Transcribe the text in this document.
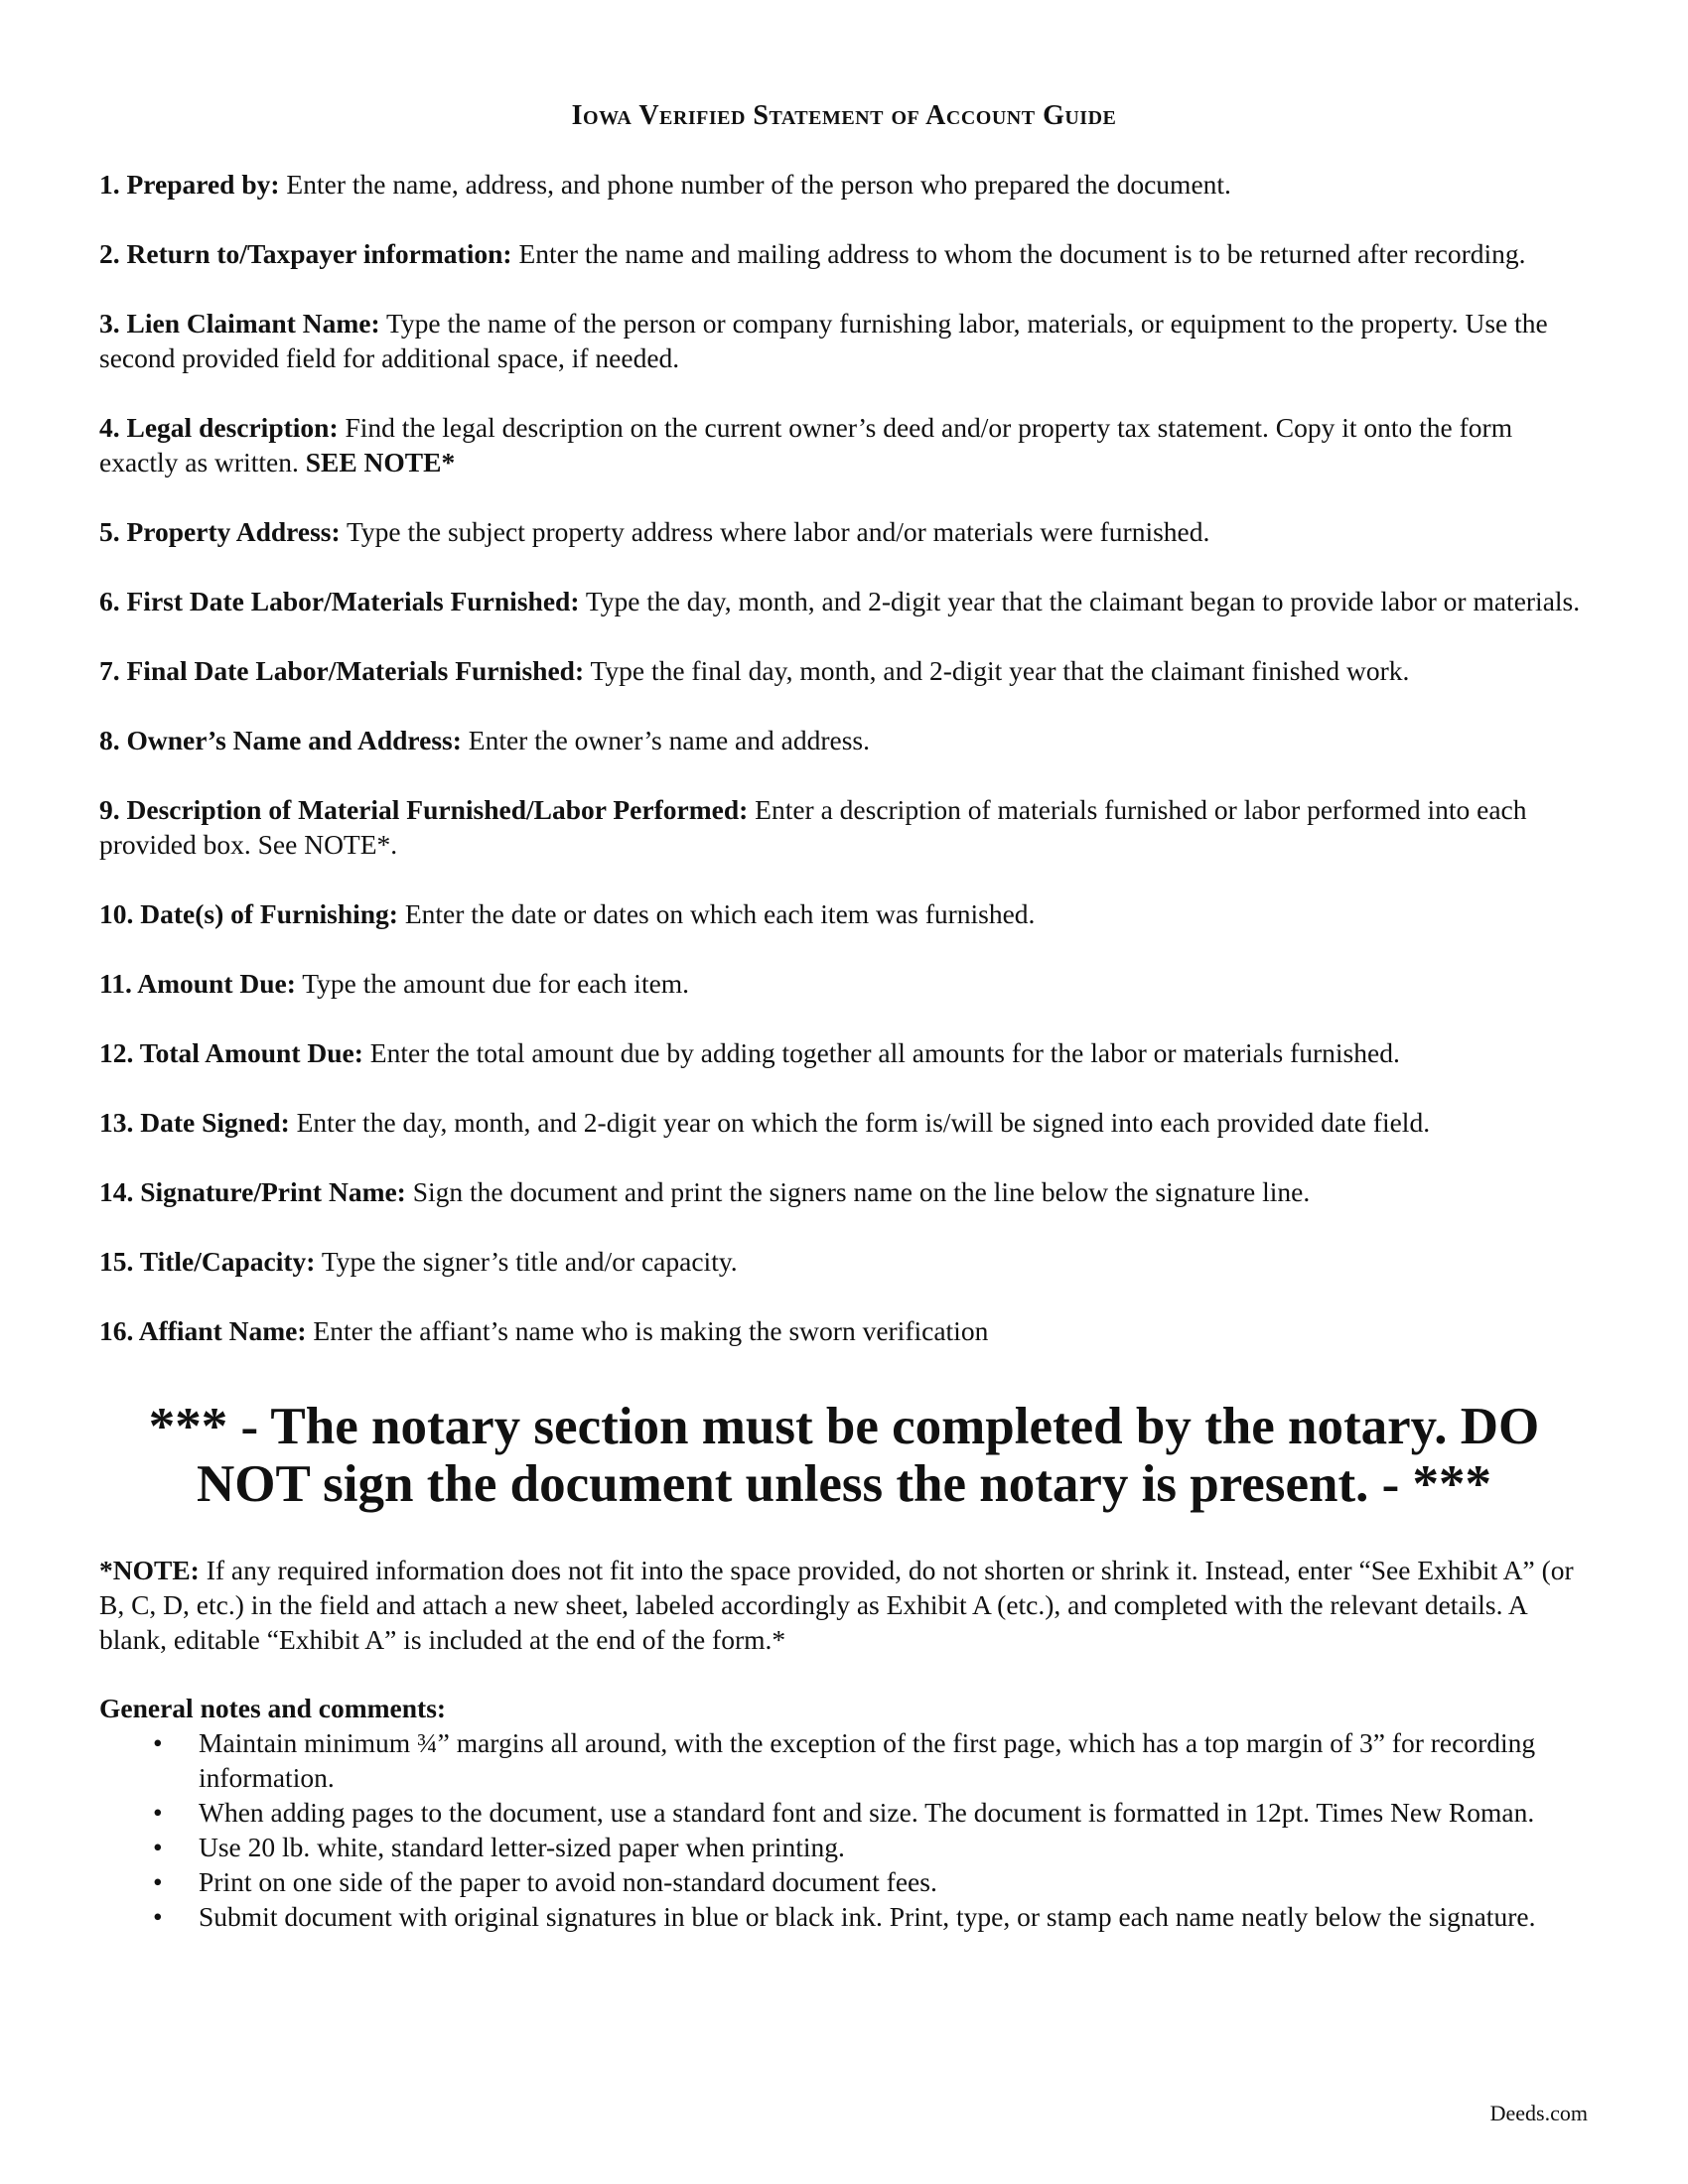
Iowa Verified Statement of Account Guide

1. Prepared by: Enter the name, address, and phone number of the person who prepared the document.

2. Return to/Taxpayer information: Enter the name and mailing address to whom the document is to be returned after recording.

3. Lien Claimant Name: Type the name of the person or company furnishing labor, materials, or equipment to the property. Use the second provided field for additional space, if needed.

4. Legal description: Find the legal description on the current owner’s deed and/or property tax statement. Copy it onto the form exactly as written. SEE NOTE*

5. Property Address: Type the subject property address where labor and/or materials were furnished.

6. First Date Labor/Materials Furnished: Type the day, month, and 2-digit year that the claimant began to provide labor or materials.

7. Final Date Labor/Materials Furnished: Type the final day, month, and 2-digit year that the claimant finished work.

8. Owner’s Name and Address: Enter the owner’s name and address.

9. Description of Material Furnished/Labor Performed: Enter a description of materials furnished or labor performed into each provided box. See NOTE*.

10. Date(s) of Furnishing: Enter the date or dates on which each item was furnished.

11. Amount Due: Type the amount due for each item.

12. Total Amount Due: Enter the total amount due by adding together all amounts for the labor or materials furnished.

13. Date Signed: Enter the day, month, and 2-digit year on which the form is/will be signed into each provided date field.

14. Signature/Print Name: Sign the document and print the signers name on the line below the signature line.

15. Title/Capacity: Type the signer’s title and/or capacity.

16. Affiant Name: Enter the affiant’s name who is making the sworn verification

*** - The notary section must be completed by the notary. DO NOT sign the document unless the notary is present. - ***

*NOTE: If any required information does not fit into the space provided, do not shorten or shrink it. Instead, enter “See Exhibit A” (or B, C, D, etc.) in the field and attach a new sheet, labeled accordingly as Exhibit A (etc.), and completed with the relevant details. A blank, editable “Exhibit A” is included at the end of the form.*

General notes and comments:

• Maintain minimum ¾” margins all around, with the exception of the first page, which has a top margin of 3” for recording information.
• When adding pages to the document, use a standard font and size. The document is formatted in 12pt. Times New Roman.
• Use 20 lb. white, standard letter-sized paper when printing.
• Print on one side of the paper to avoid non-standard document fees.
• Submit document with original signatures in blue or black ink. Print, type, or stamp each name neatly below the signature.
Deeds.com
